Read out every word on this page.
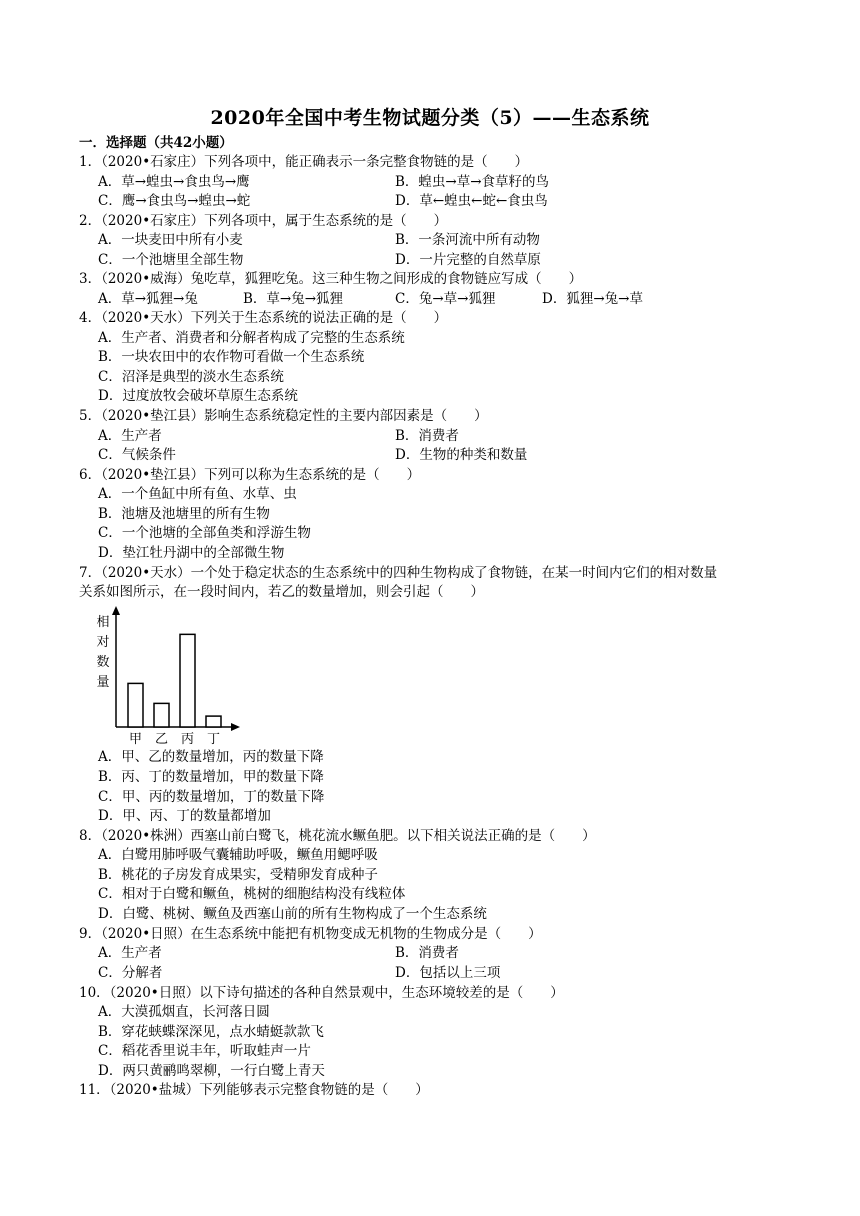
2020年全国中考生物试题分类（5）——生态系统
一．选择题（共42小题）
1．（2020•石家庄）下列各项中，能正确表示一条完整食物链的是（　　）
A．草→蝗虫→食虫鸟→鹰	B．蝗虫→草→食草籽的鸟
C．鹰→食虫鸟→蝗虫→蛇	D．草←蝗虫←蛇←食虫鸟
2．（2020•石家庄）下列各项中，属于生态系统的是（　　）
A．一块麦田中所有小麦	B．一条河流中所有动物
C．一个池塘里全部生物	D．一片完整的自然草原
3．（2020•威海）兔吃草，狐狸吃兔。这三种生物之间形成的食物链应写成（　　）
A．草→狐狸→兔	B．草→兔→狐狸	C．兔→草→狐狸	D．狐狸→兔→草
4．（2020•天水）下列关于生态系统的说法正确的是（　　）
A．生产者、消费者和分解者构成了完整的生态系统
B．一块农田中的农作物可看做一个生态系统
C．沼泽是典型的淡水生态系统
D．过度放牧会破坏草原生态系统
5．（2020•垫江县）影响生态系统稳定性的主要内部因素是（　　）
A．生产者	B．消费者
C．气候条件	D．生物的种类和数量
6．（2020•垫江县）下列可以称为生态系统的是（　　）
A．一个鱼缸中所有鱼、水草、虫
B．池塘及池塘里的所有生物
C．一个池塘的全部鱼类和浮游生物
D．垫江牡丹湖中的全部微生物
7．（2020•天水）一个处于稳定状态的生态系统中的四种生物构成了食物链，在某一时间内它们的相对数量
关系如图所示，在一段时间内，若乙的数量增加，则会引起（　　）
相
对
数
量
甲 乙 丙 丁
A．甲、乙的数量增加，丙的数量下降
B．丙、丁的数量增加，甲的数量下降
C．甲、丙的数量增加，丁的数量下降
D．甲、丙、丁的数量都增加
8．（2020•株洲）西塞山前白鹭飞，桃花流水鳜鱼肥。以下相关说法正确的是（　　）
A．白鹭用肺呼吸气囊辅助呼吸，鳜鱼用鳃呼吸
B．桃花的子房发育成果实，受精卵发育成种子
C．相对于白鹭和鳜鱼，桃树的细胞结构没有线粒体
D．白鹭、桃树、鳜鱼及西塞山前的所有生物构成了一个生态系统
9．（2020•日照）在生态系统中能把有机物变成无机物的生物成分是（　　）
A．生产者	B．消费者
C．分解者	D．包括以上三项
10．（2020•日照）以下诗句描述的各种自然景观中，生态环境较差的是（　　）
A．大漠孤烟直，长河落日圆
B．穿花蛱蝶深深见，点水蜻蜓款款飞
C．稻花香里说丰年，听取蛙声一片
D．两只黄鹂鸣翠柳，一行白鹭上青天
11．（2020•盐城）下列能够表示完整食物链的是（　　）
